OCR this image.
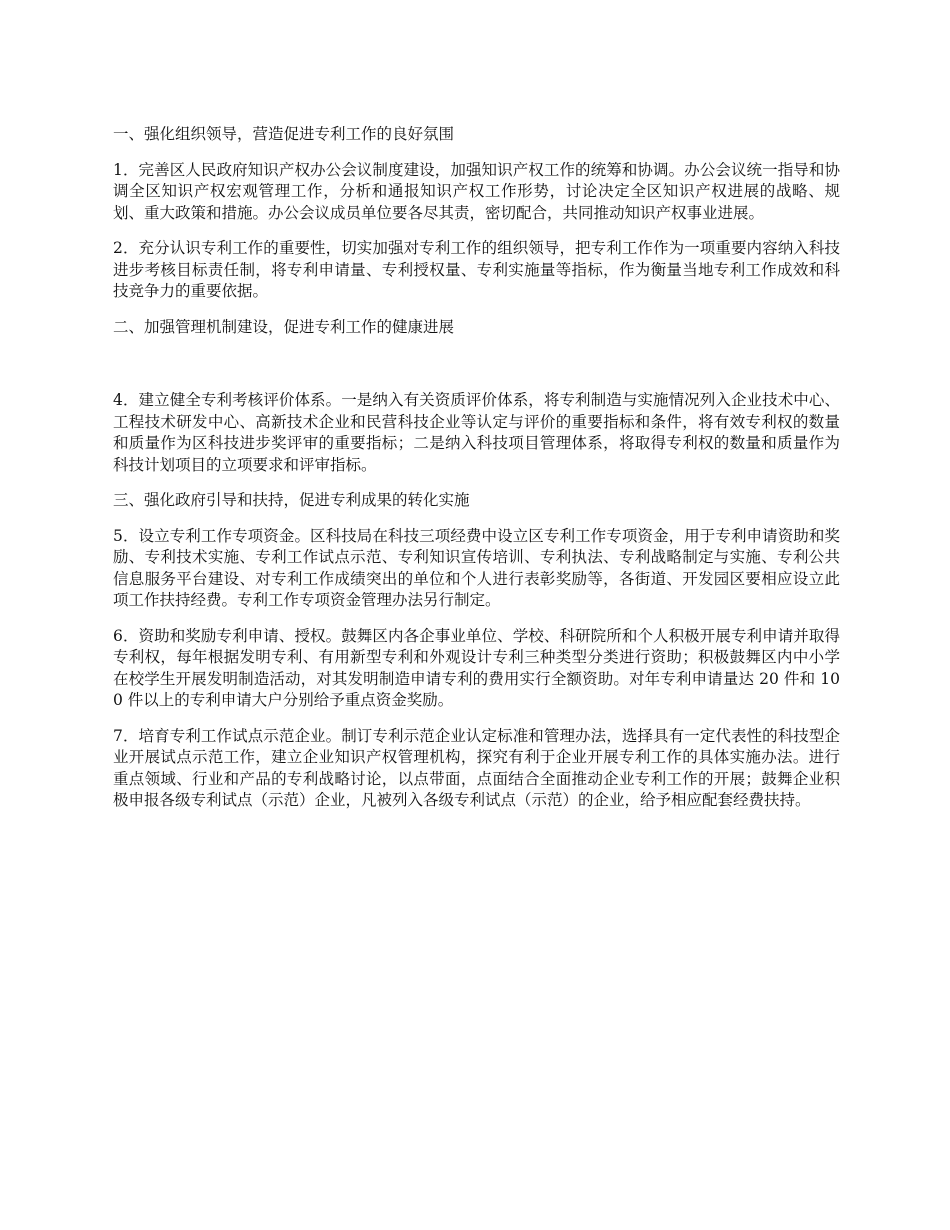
一、强化组织领导，营造促进专利工作的良好氛围

1．完善区人民政府知识产权办公会议制度建设，加强知识产权工作的统筹和协调。办公会议统一指导和协调全区知识产权宏观管理工作，分析和通报知识产权工作形势，讨论决定全区知识产权进展的战略、规划、重大政策和措施。办公会议成员单位要各尽其责，密切配合，共同推动知识产权事业进展。

2．充分认识专利工作的重要性，切实加强对专利工作的组织领导，把专利工作作为一项重要内容纳入科技进步考核目标责任制，将专利申请量、专利授权量、专利实施量等指标，作为衡量当地专利工作成效和科技竞争力的重要依据。

二、加强管理机制建设，促进专利工作的健康进展

4．建立健全专利考核评价体系。一是纳入有关资质评价体系，将专利制造与实施情况列入企业技术中心、工程技术研发中心、高新技术企业和民营科技企业等认定与评价的重要指标和条件，将有效专利权的数量和质量作为区科技进步奖评审的重要指标；二是纳入科技项目管理体系，将取得专利权的数量和质量作为科技计划项目的立项要求和评审指标。

三、强化政府引导和扶持，促进专利成果的转化实施

5．设立专利工作专项资金。区科技局在科技三项经费中设立区专利工作专项资金，用于专利申请资助和奖励、专利技术实施、专利工作试点示范、专利知识宣传培训、专利执法、专利战略制定与实施、专利公共信息服务平台建设、对专利工作成绩突出的单位和个人进行表彰奖励等，各街道、开发园区要相应设立此项工作扶持经费。专利工作专项资金管理办法另行制定。

6．资助和奖励专利申请、授权。鼓舞区内各企事业单位、学校、科研院所和个人积极开展专利申请并取得专利权，每年根据发明专利、有用新型专利和外观设计专利三种类型分类进行资助；积极鼓舞区内中小学在校学生开展发明制造活动，对其发明制造申请专利的费用实行全额资助。对年专利申请量达 20 件和 100 件以上的专利申请大户分别给予重点资金奖励。

7．培育专利工作试点示范企业。制订专利示范企业认定标准和管理办法，选择具有一定代表性的科技型企业开展试点示范工作，建立企业知识产权管理机构，探究有利于企业开展专利工作的具体实施办法。进行重点领域、行业和产品的专利战略讨论，以点带面，点面结合全面推动企业专利工作的开展；鼓舞企业积极申报各级专利试点（示范）企业，凡被列入各级专利试点（示范）的企业，给予相应配套经费扶持。
